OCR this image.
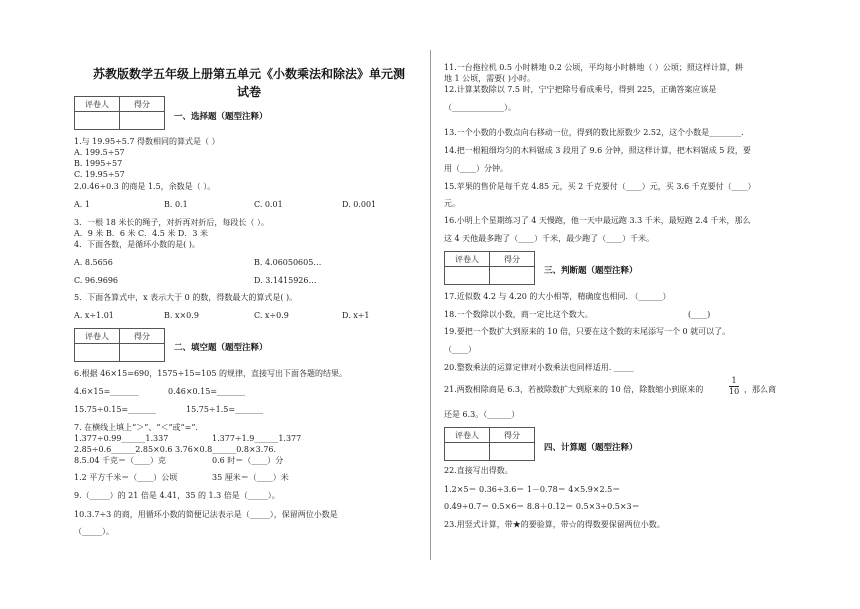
苏教版数学五年级上册第五单元《小数乘法和除法》单元测
试卷
评卷人	得分

一、选择题（题型注释）
1.与 19.95÷5.7 得数相同的算式是（ ）
A. 199.5÷57
B. 1995÷57
C. 19.95÷57
2.0.46÷0.3 的商是 1.5，余数是（ ）。
A. 1	B. 0.1	C. 0.01	D. 0.001
3．一根 18 米长的绳子，对折再对折后，每段长（ ）。
A．9 米 B．6 米 C．4.5 米 D．3 米
4．下面各数，是循环小数的是( )。
A. 8.5656	B. 4.06050605…
C. 96.9696	D. 3.1415926…
5．下面各算式中，x 表示大于 0 的数，得数最大的算式是( )。
A. x÷1.01	B. x×0.9	C. x÷0.9	D. x÷1
评卷人	得分

二、填空题（题型注释）
6.根据 46×15=690，1575÷15=105 的规律，直接写出下面各题的结果。
4.6×15=_______	0.46×0.15=_______
15.75÷0.15=_______	15.75÷1.5=_______
7. 在横线上填上“＞”、“＜”或“=”．
1.377÷0.99______1.337	1.377÷1.9______1.377
2.85÷0.6______2.85×0.6 3.76×0.8______0.8×3.76.
8.5.04 千克＝（____）克	0.6 时＝（____）分
1.2 平方千米＝（____）公顷	35 厘米＝（____）米
9.（_____）的 21 倍是 4.41，35 的 1.3 倍是（_____）。
10.3.7÷3 的商，用循环小数的简便记法表示是（_____），保留两位小数是
（_____）。
11.一台拖拉机 0.5 小时耕地 0.2 公顷，平均每小时耕地（ ）公顷；照这样计算，耕
地 1 公顷，需要( )小时。
12.计算某数除以 7.5 时，宁宁把除号看成乘号，得到 225，正确答案应该是
（_____________）。
13.一个小数的小数点向右移动一位，得到的数比原数少 2.52，这个小数是________.
14.把一根粗细均匀的木料锯成 3 段用了 9.6 分钟，照这样计算，把木料锯成 5 段，要
用（____）分钟。
15.苹果的售价是每千克 4.85 元，买 2 千克要付（____）元，买 3.6 千克要付（____）
元。
16.小明上个星期练习了 4 天慢跑，他一天中最远跑 3.3 千米，最短跑 2.4 千米，那么
这 4 天他最多跑了（____）千米，最少跑了（____）千米。
评卷人	得分

三、判断题（题型注释）
17.近似数 4.2 与 4.20 的大小相等，精确度也相同. （______）
18.一个数除以小数，商一定比这个数大。	(____)
19.要把一个数扩大到原来的 10 倍，只要在这个数的末尾添写一个 0 就可以了。
（____）
20.整数乘法的运算定律对小数乘法也同样适用. _____
21.两数相除商是 6.3，若被除数扩大到原来的 10 倍，除数缩小到原来的	$\frac{1}{10}$ ，那么商
还是 6.3。（______）
评卷人	得分

四、计算题（题型注释）
22.直接写出得数。
1.2×5＝ 0.36÷3.6＝ 1－0.78＝ 4×5.9×2.5＝
0.49÷0.7＝ 0.5×6＝ 8.8＋0.12＝ 0.5×3÷0.5×3＝
23.用竖式计算，带★的要验算，带☆的得数要保留两位小数。
